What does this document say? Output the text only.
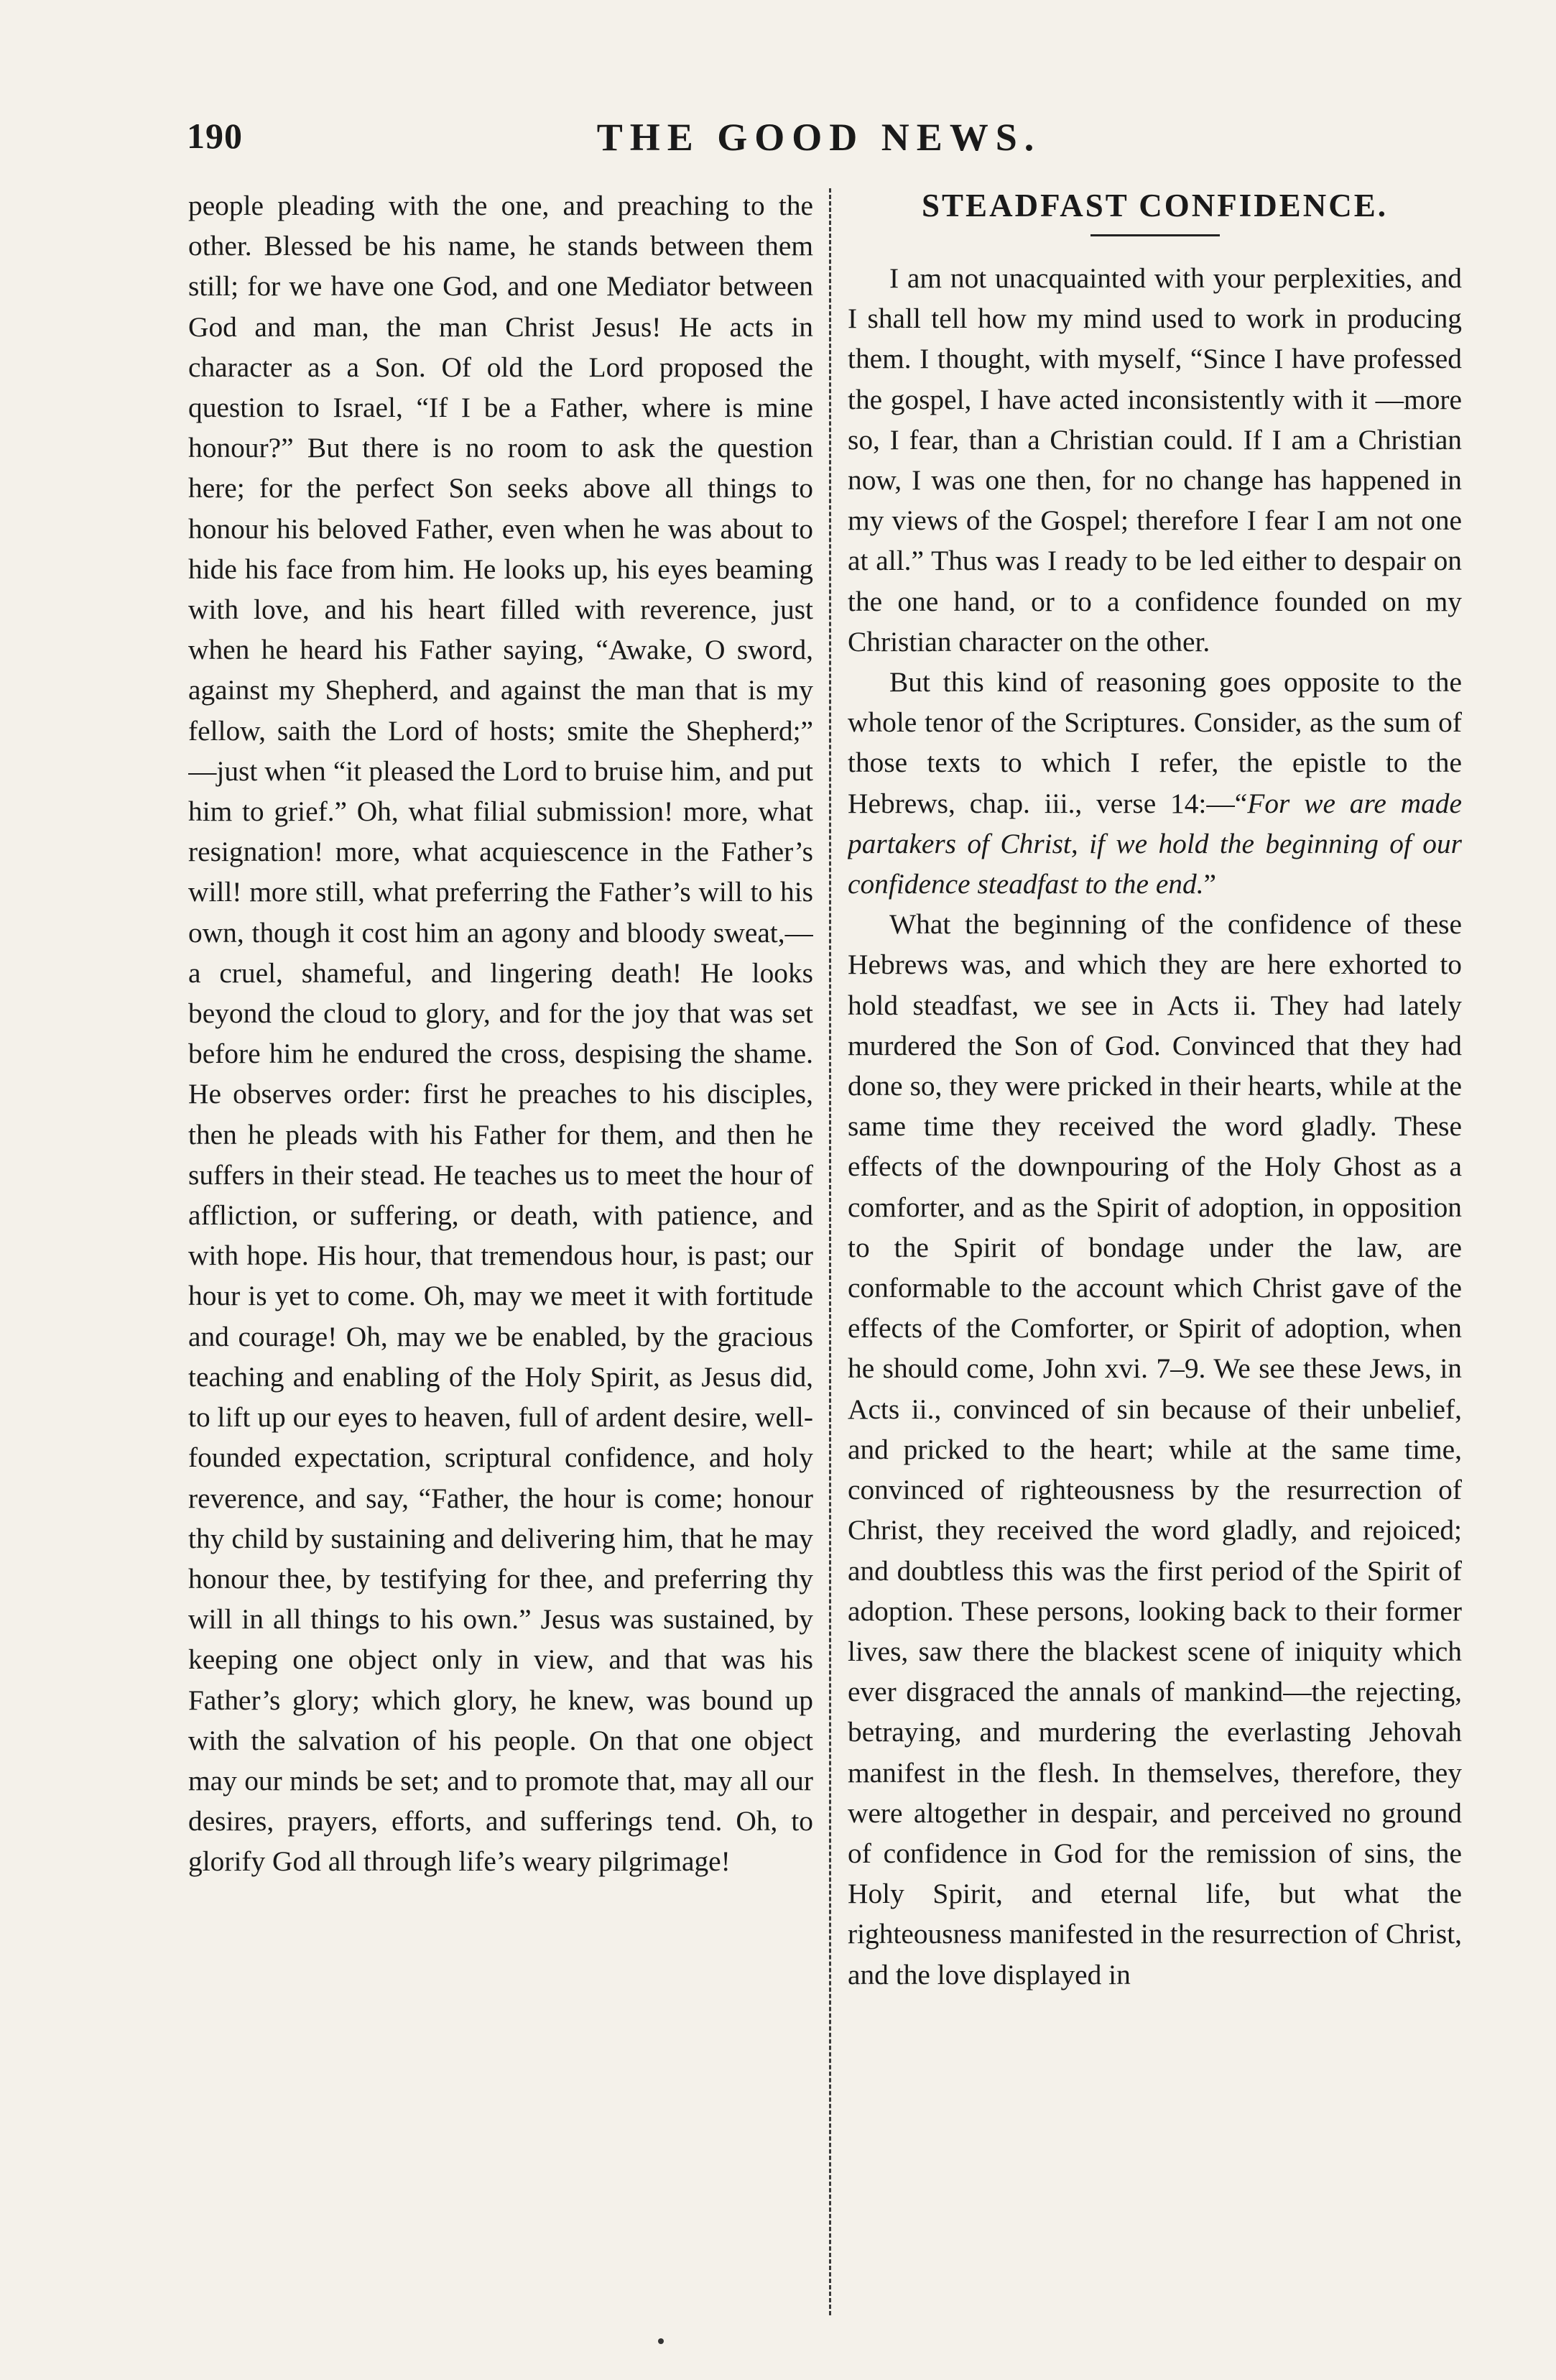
190	THE GOOD NEWS.

people pleading with the one, and preaching to the other. Blessed be his name, he stands between them still; for we have one God, and one Mediator between God and man, the man Christ Jesus! He acts in character as a Son. Of old the Lord proposed the question to Israel, “If I be a Father, where is mine honour?” But there is no room to ask the question here; for the perfect Son seeks above all things to honour his beloved Father, even when he was about to hide his face from him. He looks up, his eyes beaming with love, and his heart filled with reverence, just when he heard his Father saying, “Awake, O sword, against my Shepherd, and against the man that is my fellow, saith the Lord of hosts; smite the Shepherd;” —just when “it pleased the Lord to bruise him, and put him to grief.” Oh, what filial submission! more, what resignation! more, what acquiescence in the Father’s will! more still, what preferring the Father’s will to his own, though it cost him an agony and bloody sweat,—a cruel, shameful, and lingering death! He looks beyond the cloud to glory, and for the joy that was set before him he endured the cross, despising the shame. He observes order: first he preaches to his disciples, then he pleads with his Father for them, and then he suffers in their stead. He teaches us to meet the hour of affliction, or suffering, or death, with patience, and with hope. His hour, that tremendous hour, is past; our hour is yet to come. Oh, may we meet it with fortitude and courage! Oh, may we be enabled, by the gracious teaching and enabling of the Holy Spirit, as Jesus did, to lift up our eyes to heaven, full of ardent desire, well-founded expectation, scriptural confidence, and holy reverence, and say, “Father, the hour is come; honour thy child by sustaining and delivering him, that he may honour thee, by testifying for thee, and preferring thy will in all things to his own.” Jesus was sustained, by keeping one object only in view, and that was his Father’s glory; which glory, he knew, was bound up with the salvation of his people. On that one object may our minds be set; and to promote that, may all our desires, prayers, efforts, and sufferings tend. Oh, to glorify God all through life’s weary pilgrimage!

STEADFAST CONFIDENCE.

I am not unacquainted with your perplexities, and I shall tell how my mind used to work in producing them. I thought, with myself, “Since I have professed the gospel, I have acted inconsistently with it —more so, I fear, than a Christian could. If I am a Christian now, I was one then, for no change has happened in my views of the Gospel; therefore I fear I am not one at all.” Thus was I ready to be led either to despair on the one hand, or to a confidence founded on my Christian character on the other.

But this kind of reasoning goes opposite to the whole tenor of the Scriptures. Consider, as the sum of those texts to which I refer, the epistle to the Hebrews, chap. iii., verse 14:—“For we are made partakers of Christ, if we hold the beginning of our confidence steadfast to the end.”

What the beginning of the confidence of these Hebrews was, and which they are here exhorted to hold steadfast, we see in Acts ii. They had lately murdered the Son of God. Convinced that they had done so, they were pricked in their hearts, while at the same time they received the word gladly. These effects of the downpouring of the Holy Ghost as a comforter, and as the Spirit of adoption, in opposition to the Spirit of bondage under the law, are conformable to the account which Christ gave of the effects of the Comforter, or Spirit of adoption, when he should come, John xvi. 7–9. We see these Jews, in Acts ii., convinced of sin because of their unbelief, and pricked to the heart; while at the same time, convinced of righteousness by the resurrection of Christ, they received the word gladly, and rejoiced; and doubtless this was the first period of the Spirit of adoption. These persons, looking back to their former lives, saw there the blackest scene of iniquity which ever disgraced the annals of mankind—the rejecting, betraying, and murdering the everlasting Jehovah manifest in the flesh. In themselves, therefore, they were altogether in despair, and perceived no ground of confidence in God for the remission of sins, the Holy Spirit, and eternal life, but what the righteousness manifested in the resurrection of Christ, and the love displayed in
